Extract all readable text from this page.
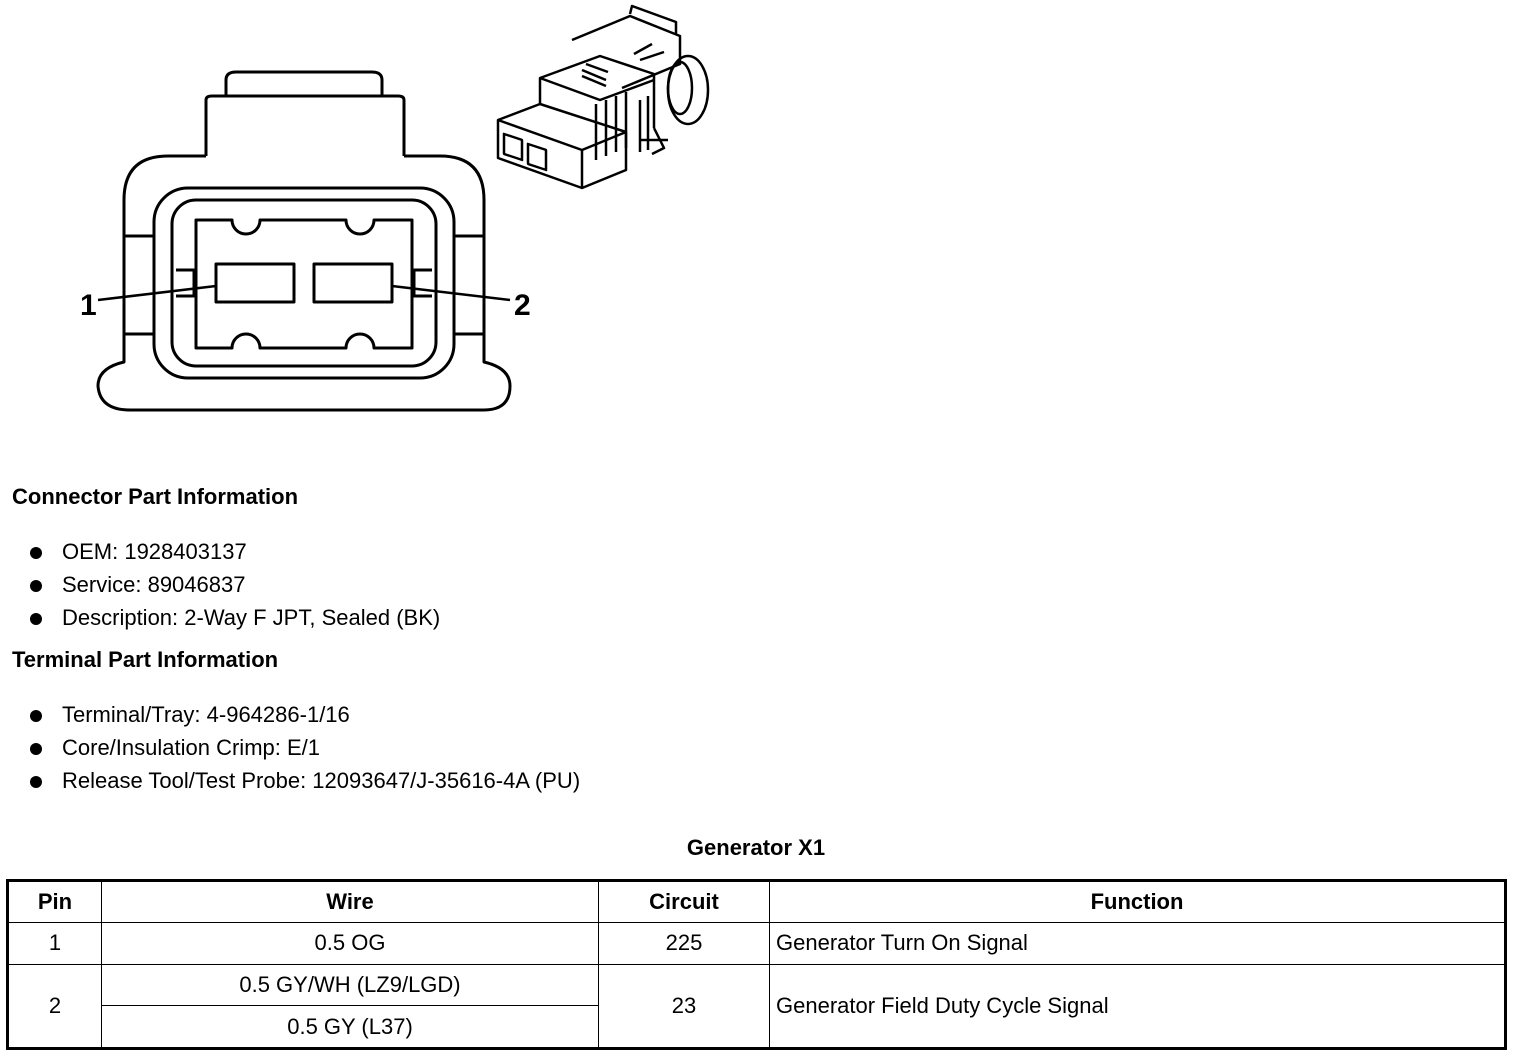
1	2
Connector Part Information
OEM: 1928403137
Service: 89046837
Description: 2-Way F JPT, Sealed (BK)
Terminal Part Information
Terminal/Tray: 4-964286-1/16
Core/Insulation Crimp: E/1
Release Tool/Test Probe: 12093647/J-35616-4A (PU)
Generator X1
Pin	Wire	Circuit	Function
1	0.5 OG	225	Generator Turn On Signal
2	0.5 GY/WH (LZ9/LGD)	23	Generator Field Duty Cycle Signal
	0.5 GY (L37)		
